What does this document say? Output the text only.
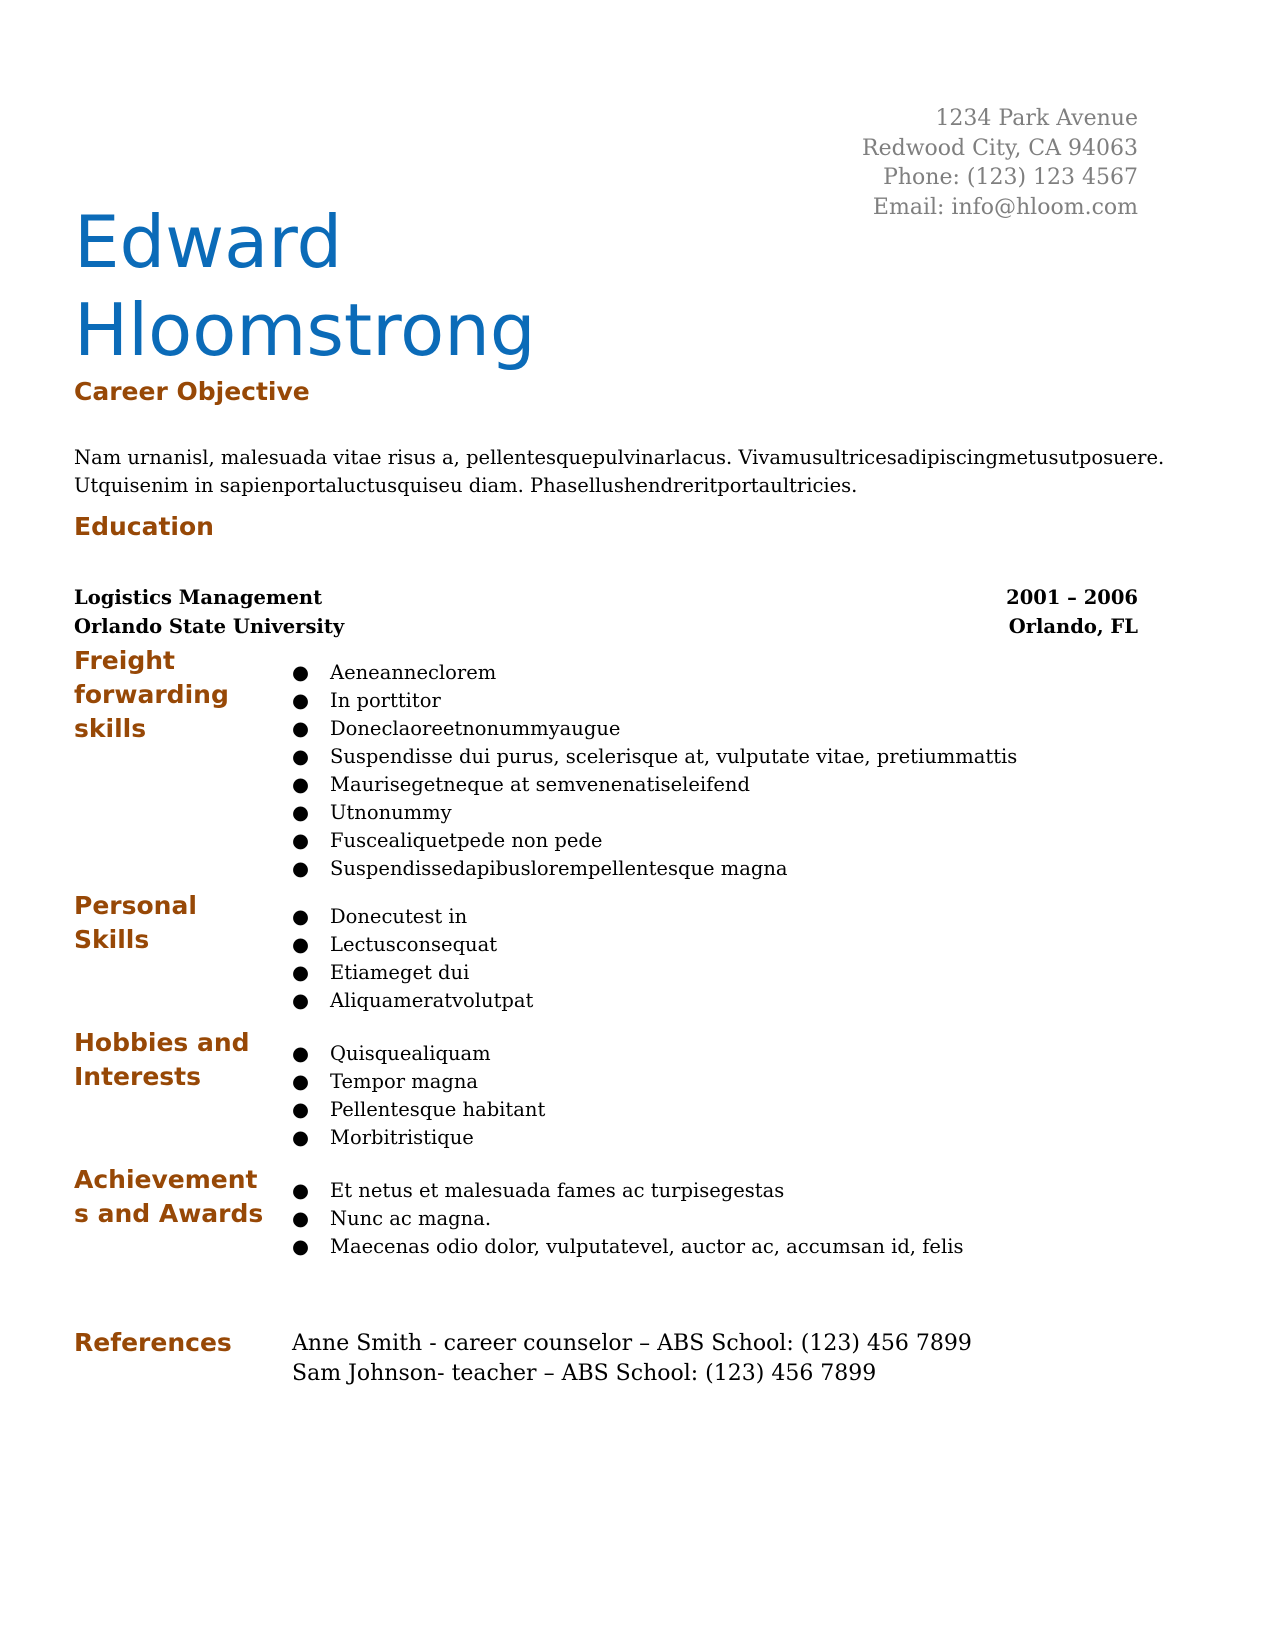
1234 Park Avenue
Redwood City, CA 94063
Phone: (123) 123 4567
Email: info@hloom.com
Edward
Hloomstrong
Career Objective
Nam urnanisl, malesuada vitae risus a, pellentesquepulvinarlacus. Vivamusultricesadipiscingmetusutposuere.
Utquisenim in sapienportaluctusquiseu diam. Phasellushendreritportaultricies.
Education
Logistics Management	2001 – 2006
Orlando State University	Orlando, FL
Freight
forwarding
skills
● Aeneanneclorem
● In porttitor
● Doneclaoreetnonummyaugue
● Suspendisse dui purus, scelerisque at, vulputate vitae, pretiummattis
● Maurisegetneque at semvenenatiseleifend
● Utnonummy
● Fuscealiquetpede non pede
● Suspendissedapibuslorempellentesque magna
Personal
Skills
● Donecutest in
● Lectusconsequat
● Etiameget dui
● Aliquameratvolutpat
Hobbies and
Interests
● Quisquealiquam
● Tempor magna
● Pellentesque habitant
● Morbitristique
Achievement
s and Awards
● Et netus et malesuada fames ac turpisegestas
● Nunc ac magna.
● Maecenas odio dolor, vulputatevel, auctor ac, accumsan id, felis
References	Anne Smith - career counselor – ABS School: (123) 456 7899
Sam Johnson- teacher – ABS School: (123) 456 7899
